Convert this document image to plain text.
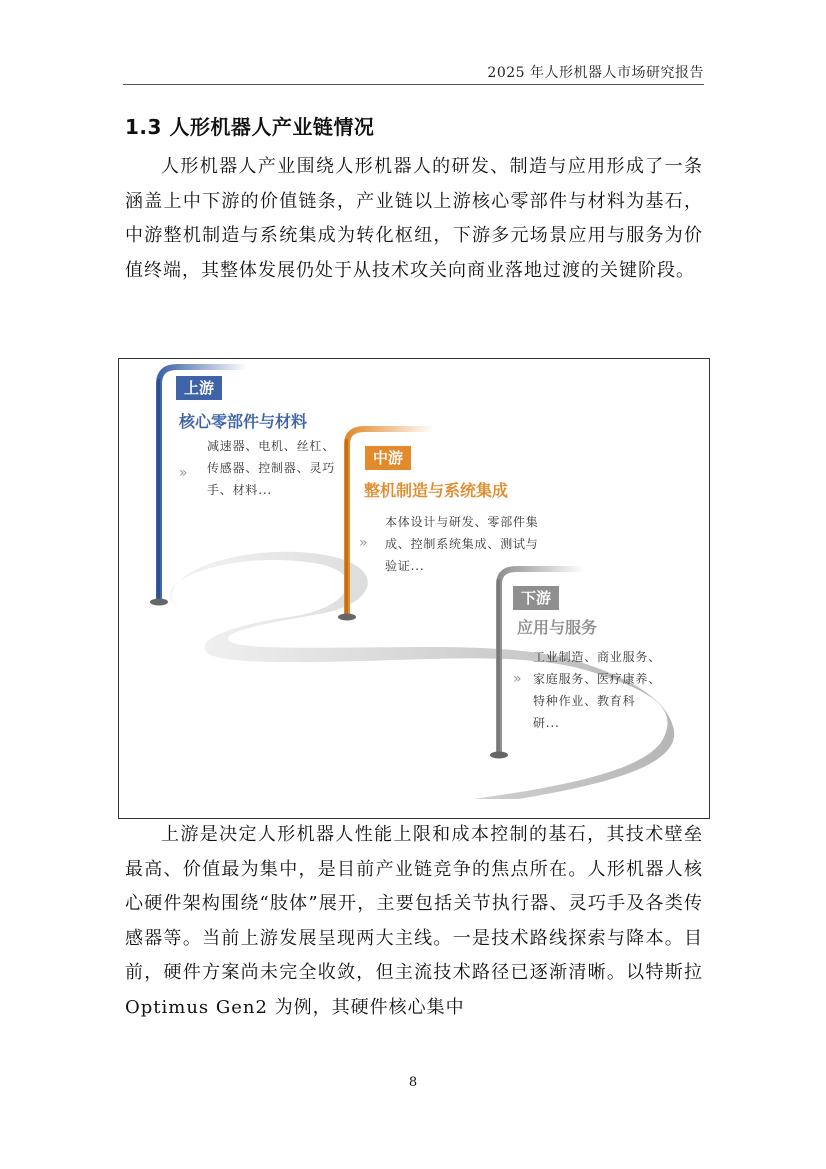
2025 年人形机器人市场研究报告
1.3 人形机器人产业链情况

人形机器人产业围绕人形机器人的研发、制造与应用形成了一条涵盖上中下游的价值链条，产业链以上游核心零部件与材料为基石，中游整机制造与系统集成为转化枢纽，下游多元场景应用与服务为价值终端，其整体发展仍处于从技术攻关向商业落地过渡的关键阶段。

上游
核心零部件与材料
»
减速器、电机、丝杠、
传感器、控制器、灵巧
手、材料...
中游
整机制造与系统集成
»
本体设计与研发、零部件集
成、控制系统集成、测试与
验证...
下游
应用与服务
»
工业制造、商业服务、
家庭服务、医疗康养、
特种作业、教育科
研...

上游是决定人形机器人性能上限和成本控制的基石，其技术壁垒最高、价值最为集中，是目前产业链竞争的焦点所在。人形机器人核心硬件架构围绕“肢体”展开，主要包括关节执行器、灵巧手及各类传感器等。当前上游发展呈现两大主线。一是技术路线探索与降本。目前，硬件方案尚未完全收敛，但主流技术路径已逐渐清晰。以特斯拉 Optimus Gen2 为例，其硬件核心集中

8
